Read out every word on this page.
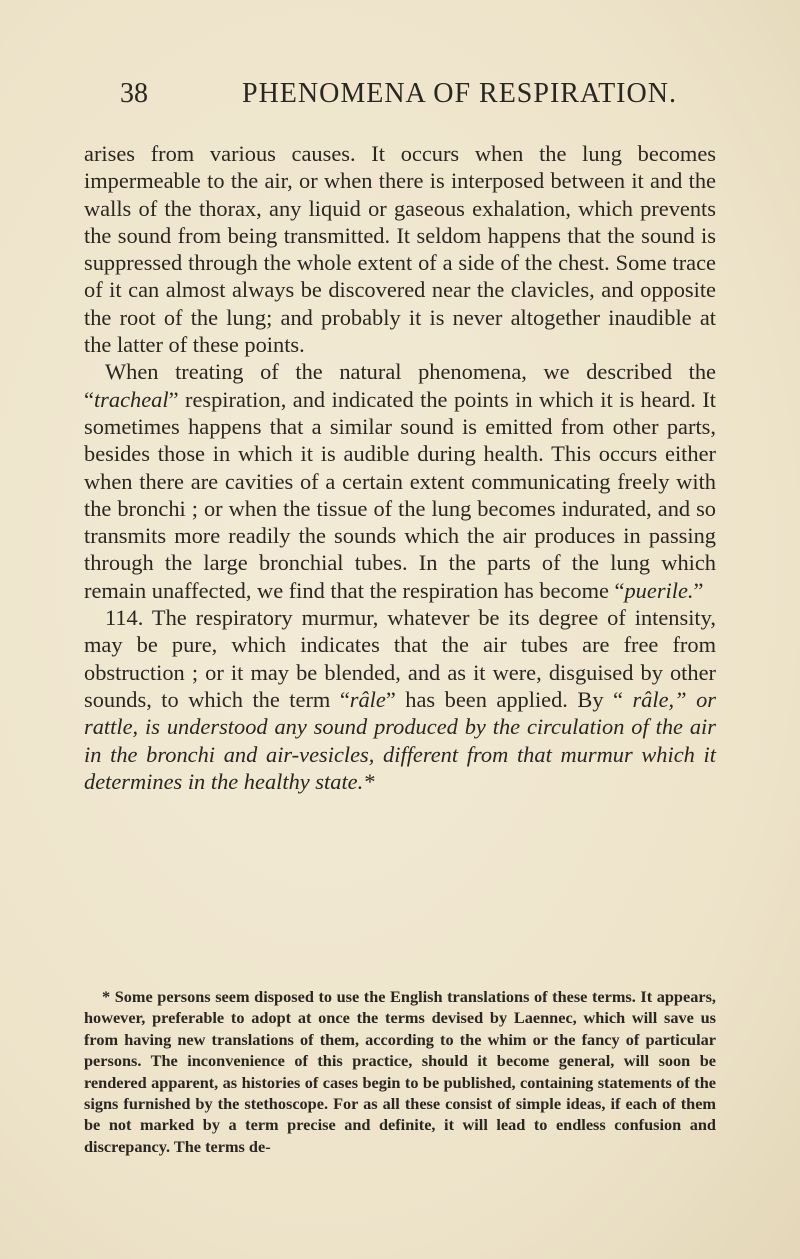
38	PHENOMENA OF RESPIRATION.

arises from various causes. It occurs when the lung becomes impermeable to the air, or when there is interposed between it and the walls of the thorax, any liquid or gaseous exhalation, which prevents the sound from being transmitted. It seldom happens that the sound is suppressed through the whole extent of a side of the chest. Some trace of it can almost always be discovered near the clavicles, and opposite the root of the lung; and probably it is never altogether inaudible at the latter of these points.

When treating of the natural phenomena, we described the “tracheal” respiration, and indicated the points in which it is heard. It sometimes happens that a similar sound is emitted from other parts, besides those in which it is audible during health. This occurs either when there are cavities of a certain extent communicating freely with the bronchi ; or when the tissue of the lung becomes indurated, and so transmits more readily the sounds which the air produces in passing through the large bronchial tubes. In the parts of the lung which remain unaffected, we find that the respiration has become “puerile.”

114. The respiratory murmur, whatever be its degree of intensity, may be pure, which indicates that the air tubes are free from obstruction ; or it may be blended, and as it were, disguised by other sounds, to which the term “râle” has been applied. By “ râle,” or rattle, is understood any sound produced by the circulation of the air in the bronchi and air-vesicles, different from that murmur which it determines in the healthy state.*

* Some persons seem disposed to use the English translations of these terms. It appears, however, preferable to adopt at once the terms devised by Laennec, which will save us from having new translations of them, according to the whim or the fancy of particular persons. The inconvenience of this practice, should it become general, will soon be rendered apparent, as histories of cases begin to be published, containing statements of the signs furnished by the stethoscope. For as all these consist of simple ideas, if each of them be not marked by a term precise and definite, it will lead to endless confusion and discrepancy. The terms de-
